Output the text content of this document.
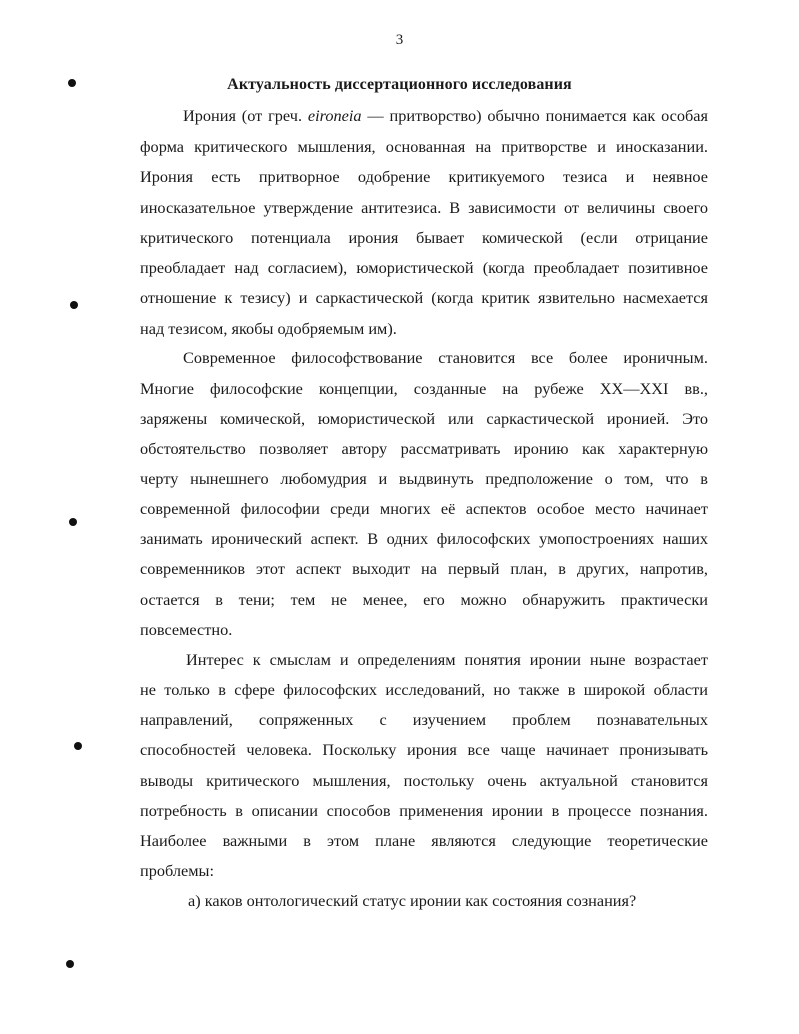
3
Актуальность диссертационного исследования
Ирония (от греч. eironeia — притворство) обычно понимается как особая
форма критического мышления, основанная на притворстве и иносказании.
Ирония есть притворное одобрение критикуемого тезиса и неявное
иносказательное утверждение антитезиса. В зависимости от величины своего
критического потенциала ирония бывает комической (если отрицание
преобладает над согласием), юмористической (когда преобладает позитивное
отношение к тезису) и саркастической (когда критик язвительно насмехается
над тезисом, якобы одобряемым им).
Современное философствование становится все более ироничным.
Многие философские концепции, созданные на рубеже XX—XXI вв.,
заряжены комической, юмористической или саркастической иронией. Это
обстоятельство позволяет автору рассматривать иронию как характерную
черту нынешнего любомудрия и выдвинуть предположение о том, что в
современной философии среди многих её аспектов особое место начинает
занимать иронический аспект. В одних философских умопостроениях наших
современников этот аспект выходит на первый план, в других, напротив,
остается в тени; тем не менее, его можно обнаружить практически
повсеместно.
Интерес к смыслам и определениям понятия иронии ныне возрастает
не только в сфере философских исследований, но также в широкой области
направлений, сопряженных с изучением проблем познавательных
способностей человека. Поскольку ирония все чаще начинает пронизывать
выводы критического мышления, постольку очень актуальной становится
потребность в описании способов применения иронии в процессе познания.
Наиболее важными в этом плане являются следующие теоретические
проблемы:
а) каков онтологический статус иронии как состояния сознания?
